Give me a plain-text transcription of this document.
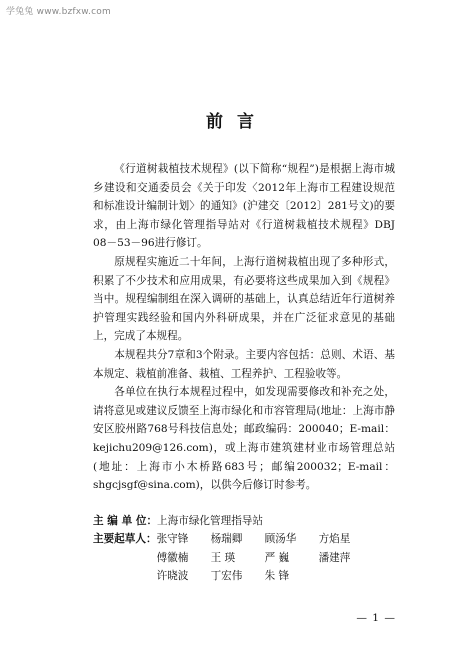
学兔兔 www.bzfxw.com
前言

《行道树栽植技术规程》(以下简称“规程”)是根据上海市城乡建设和交通委员会《关于印发〈2012年上海市工程建设规范和标准设计编制计划〉的通知》(沪建交〔2012〕281号文)的要求，由上海市绿化管理指导站对《行道树栽植技术规程》DBJ 08－53－96进行修订。

原规程实施近二十年间，上海行道树栽植出现了多种形式，积累了不少技术和应用成果，有必要将这些成果加入到《规程》当中。规程编制组在深入调研的基础上，认真总结近年行道树养护管理实践经验和国内外科研成果，并在广泛征求意见的基础上，完成了本规程。

本规程共分7章和3个附录。主要内容包括：总则、术语、基本规定、栽植前准备、栽植、工程养护、工程验收等。

各单位在执行本规程过程中，如发现需要修改和补充之处，请将意见或建议反馈至上海市绿化和市容管理局(地址：上海市静安区胶州路768号科技信息处；邮政编码：200040；E-mail：kejichu209@126.com)，或上海市建筑建材业市场管理总站(地址：上海市小木桥路683号；邮编200032；E-mail：shgcjsgf@sina.com)，以供今后修订时参考。

主 编 单 位： 上海市绿化管理指导站
主要起草人： 张守锋	杨瑞卿	顾汤华	方焰星
傅徽楠	王 瑛	严 巍	潘建萍
许晓波	丁宏伟	朱 锋
— 1 —
